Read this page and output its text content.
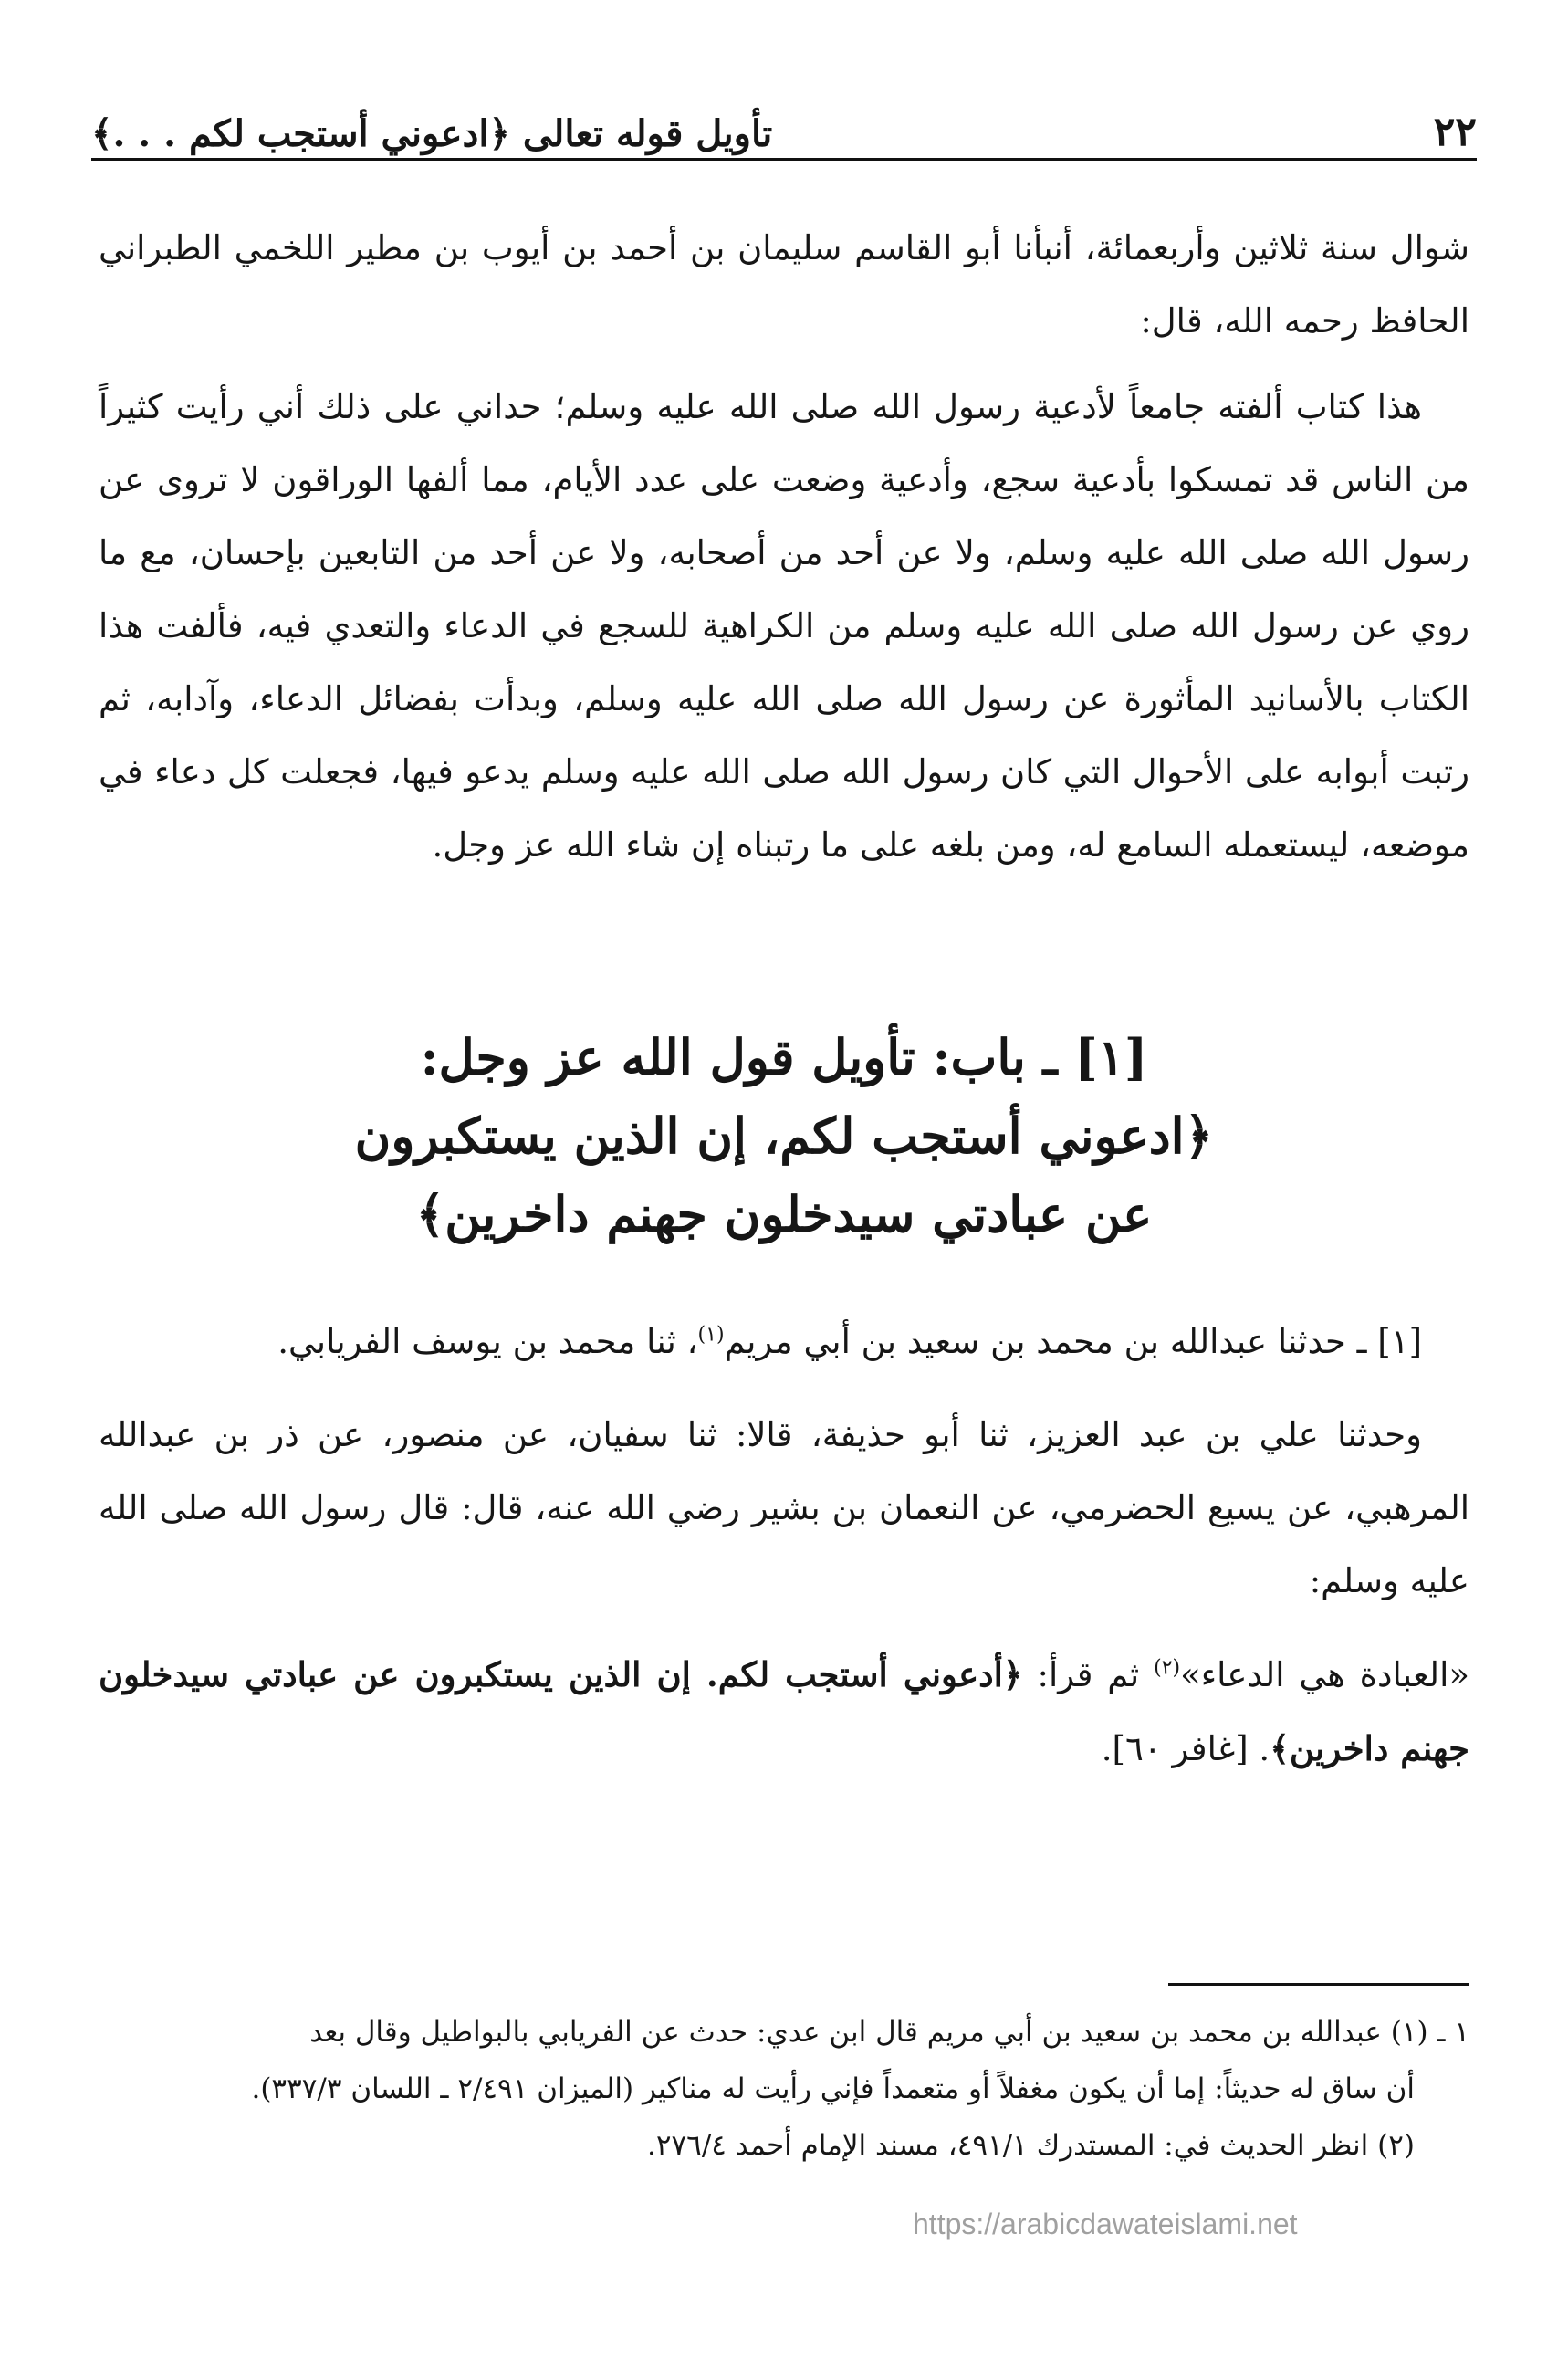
٢٢
تأويل قوله تعالى ﴿ادعوني أستجب لكم . . .﴾

شوال سنة ثلاثين وأربعمائة، أنبأنا أبو القاسم سليمان بن أحمد بن أيوب بن مطير اللخمي الطبراني الحافظ رحمه الله، قال:

هذا كتاب ألفته جامعاً لأدعية رسول الله صلى الله عليه وسلم؛ حداني على ذلك أني رأيت كثيراً من الناس قد تمسكوا بأدعية سجع، وأدعية وضعت على عدد الأيام، مما ألفها الوراقون لا تروى عن رسول الله صلى الله عليه وسلم، ولا عن أحد من أصحابه، ولا عن أحد من التابعين بإحسان، مع ما روي عن رسول الله صلى الله عليه وسلم من الكراهية للسجع في الدعاء والتعدي فيه، فألفت هذا الكتاب بالأسانيد المأثورة عن رسول الله صلى الله عليه وسلم، وبدأت بفضائل الدعاء، وآدابه، ثم رتبت أبوابه على الأحوال التي كان رسول الله صلى الله عليه وسلم يدعو فيها، فجعلت كل دعاء في موضعه، ليستعمله السامع له، ومن بلغه على ما رتبناه إن شاء الله عز وجل.

[١] ـ باب: تأويل قول الله عز وجل:
﴿ادعوني أستجب لكم، إن الذين يستكبرون
عن عبادتي سيدخلون جهنم داخرين﴾

[١] ـ حدثنا عبدالله بن محمد بن سعيد بن أبي مريم$^{(١)}$، ثنا محمد بن يوسف الفريابي.

وحدثنا علي بن عبد العزيز، ثنا أبو حذيفة، قالا: ثنا سفيان، عن منصور، عن ذر بن عبدالله المرهبي، عن يسيع الحضرمي، عن النعمان بن بشير رضي الله عنه، قال: قال رسول الله صلى الله عليه وسلم:

«العبادة هي الدعاء»$^{(٢)}$ ثم قرأ: ﴿أدعوني أستجب لكم. إن الذين يستكبرون عن عبادتي سيدخلون جهنم داخرين﴾. [غافر ٦٠].

١ ـ (١) عبدالله بن محمد بن سعيد بن أبي مريم قال ابن عدي: حدث عن الفريابي بالبواطيل وقال بعد

أن ساق له حديثاً: إما أن يكون مغفلاً أو متعمداً فإني رأيت له مناكير (الميزان ٢/٤٩١ ـ اللسان ٣٣٧/٣).

(٢) انظر الحديث في: المستدرك ٤٩١/١، مسند الإمام أحمد ٢٧٦/٤.

https://arabicdawateislami.net
